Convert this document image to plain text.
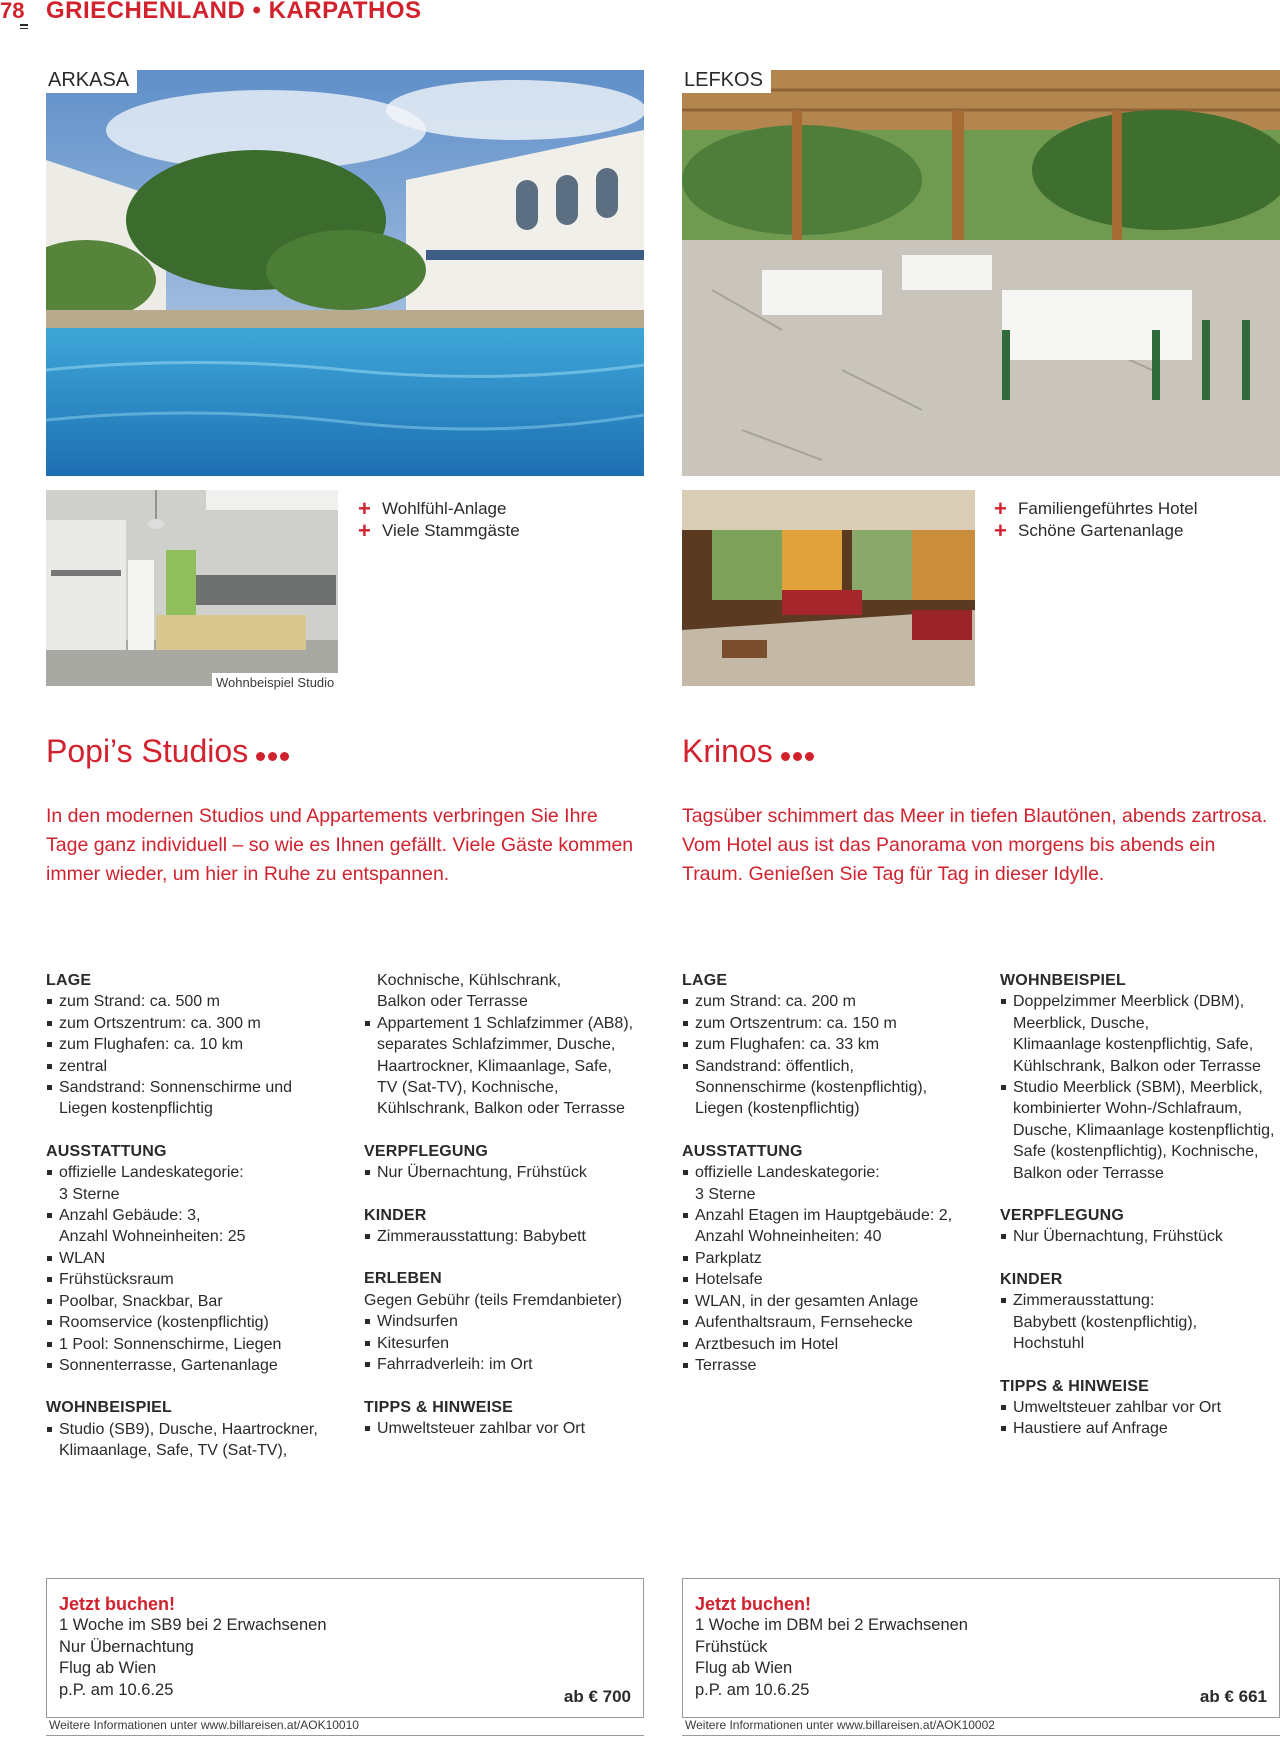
78 GRIECHENLAND • KARPATHOS
ARKASA	LEFKOS
Wohnbeispiel Studio
+ Wohlfühl-Anlage
+ Viele Stammgäste
+ Familiengeführtes Hotel
+ Schöne Gartenanlage
Popi’s Studios	Krinos
In den modernen Studios und Appartements verbringen Sie Ihre Tage ganz individuell – so wie es Ihnen gefällt. Viele Gäste kommen immer wieder, um hier in Ruhe zu entspannen.
Tagsüber schimmert das Meer in tiefen Blautönen, abends zartrosa. Vom Hotel aus ist das Panorama von morgens bis abends ein Traum. Genießen Sie Tag für Tag in dieser Idylle.
LAGE
zum Strand: ca. 500 m
zum Ortszentrum: ca. 300 m
zum Flughafen: ca. 10 km
zentral
Sandstrand: Sonnenschirme und
Liegen kostenpflichtig
AUSSTATTUNG
offizielle Landeskategorie:
3 Sterne
Anzahl Gebäude: 3,
Anzahl Wohneinheiten: 25
WLAN
Frühstücksraum
Poolbar, Snackbar, Bar
Roomservice (kostenpflichtig)
1 Pool: Sonnenschirme, Liegen
Sonnenterrasse, Gartenanlage
WOHNBEISPIEL
Studio (SB9), Dusche, Haartrockner,
Klimaanlage, Safe, TV (Sat-TV),
Kochnische, Kühlschrank,
Balkon oder Terrasse
Appartement 1 Schlafzimmer (AB8),
separates Schlafzimmer, Dusche,
Haartrockner, Klimaanlage, Safe,
TV (Sat-TV), Kochnische,
Kühlschrank, Balkon oder Terrasse
VERPFLEGUNG
Nur Übernachtung, Frühstück
KINDER
Zimmerausstattung: Babybett
ERLEBEN

Gegen Gebühr (teils Fremdanbieter)

Windsurfen
Kitesurfen
Fahrradverleih: im Ort
TIPPS & HINWEISE
Umweltsteuer zahlbar vor Ort
LAGE
zum Strand: ca. 200 m
zum Ortszentrum: ca. 150 m
zum Flughafen: ca. 33 km
Sandstrand: öffentlich,
Sonnenschirme (kostenpflichtig),
Liegen (kostenpflichtig)
AUSSTATTUNG
offizielle Landeskategorie:
3 Sterne
Anzahl Etagen im Hauptgebäude: 2,
Anzahl Wohneinheiten: 40
Parkplatz
Hotelsafe
WLAN, in der gesamten Anlage
Aufenthaltsraum, Fernsehecke
Arztbesuch im Hotel
Terrasse
WOHNBEISPIEL
Doppelzimmer Meerblick (DBM),
Meerblick, Dusche,
Klimaanlage kostenpflichtig, Safe,
Kühlschrank, Balkon oder Terrasse
Studio Meerblick (SBM), Meerblick,
kombinierter Wohn-/Schlafraum,
Dusche, Klimaanlage kostenpflichtig,
Safe (kostenpflichtig), Kochnische,
Balkon oder Terrasse
VERPFLEGUNG
Nur Übernachtung, Frühstück
KINDER
Zimmerausstattung:
Babybett (kostenpflichtig),
Hochstuhl
TIPPS & HINWEISE
Umweltsteuer zahlbar vor Ort
Haustiere auf Anfrage
Jetzt buchen!
1 Woche im SB9 bei 2 Erwachsenen
Nur Übernachtung
Flug ab Wien
p.P. am 10.6.25	ab € 700
Jetzt buchen!
1 Woche im DBM bei 2 Erwachsenen
Frühstück
Flug ab Wien
p.P. am 10.6.25	ab € 661
Weitere Informationen unter www.billareisen.at/AOK10010	Weitere Informationen unter www.billareisen.at/AOK10002
